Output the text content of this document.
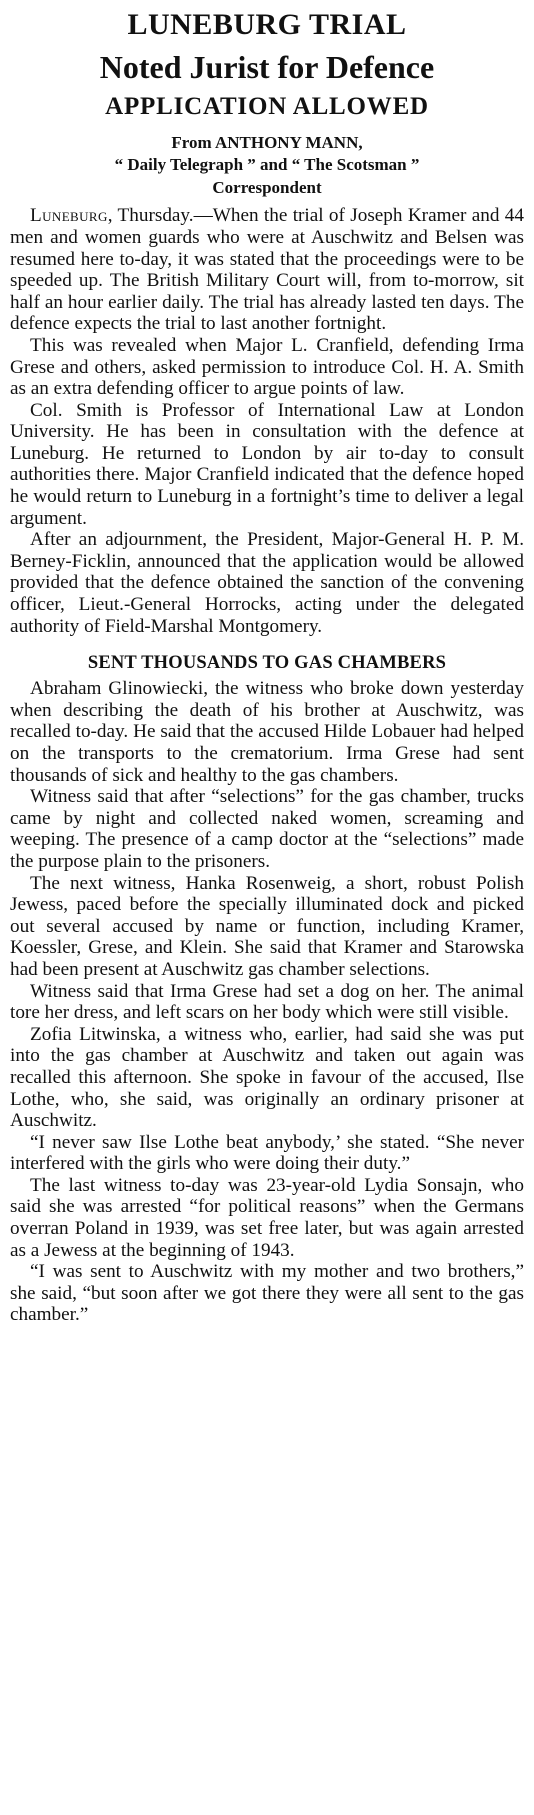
LUNEBURG TRIAL
Noted Jurist for Defence
APPLICATION ALLOWED
From ANTHONY MANN,
“ Daily Telegraph ” and “ The Scotsman ”
Correspondent

Luneburg, Thursday.—When the trial of Joseph Kramer and 44 men and women guards who were at Auschwitz and Belsen was resumed here to-day, it was stated that the proceedings were to be speeded up. The British Military Court will, from to-morrow, sit half an hour earlier daily. The trial has already lasted ten days. The defence expects the trial to last another fortnight.

This was revealed when Major L. Cranfield, defending Irma Grese and others, asked permission to introduce Col. H. A. Smith as an extra defending officer to argue points of law.

Col. Smith is Professor of International Law at London University. He has been in consultation with the defence at Luneburg. He returned to London by air to-day to consult authorities there. Major Cranfield indicated that the defence hoped he would return to Luneburg in a fortnight’s time to deliver a legal argument.

After an adjournment, the President, Major-General H. P. M. Berney-Ficklin, announced that the application would be allowed provided that the defence obtained the sanction of the convening officer, Lieut.-General Horrocks, acting under the delegated authority of Field-Marshal Montgomery.

SENT THOUSANDS TO GAS CHAMBERS

Abraham Glinowiecki, the witness who broke down yesterday when describing the death of his brother at Auschwitz, was recalled to-day. He said that the accused Hilde Lobauer had helped on the transports to the crematorium. Irma Grese had sent thousands of sick and healthy to the gas chambers.

Witness said that after “selections” for the gas chamber, trucks came by night and collected naked women, screaming and weeping. The presence of a camp doctor at the “selections” made the purpose plain to the prisoners.

The next witness, Hanka Rosenweig, a short, robust Polish Jewess, paced before the specially illuminated dock and picked out several accused by name or function, including Kramer, Koessler, Grese, and Klein. She said that Kramer and Starowska had been present at Auschwitz gas chamber selections.

Witness said that Irma Grese had set a dog on her. The animal tore her dress, and left scars on her body which were still visible.

Zofia Litwinska, a witness who, earlier, had said she was put into the gas chamber at Auschwitz and taken out again was recalled this afternoon. She spoke in favour of the accused, Ilse Lothe, who, she said, was originally an ordinary prisoner at Auschwitz.

“I never saw Ilse Lothe beat anybody,’ she stated. “She never interfered with the girls who were doing their duty.”

The last witness to-day was 23-year-old Lydia Sonsajn, who said she was arrested “for political reasons” when the Germans overran Poland in 1939, was set free later, but was again arrested as a Jewess at the beginning of 1943.

“I was sent to Auschwitz with my mother and two brothers,” she said, “but soon after we got there they were all sent to the gas chamber.”
